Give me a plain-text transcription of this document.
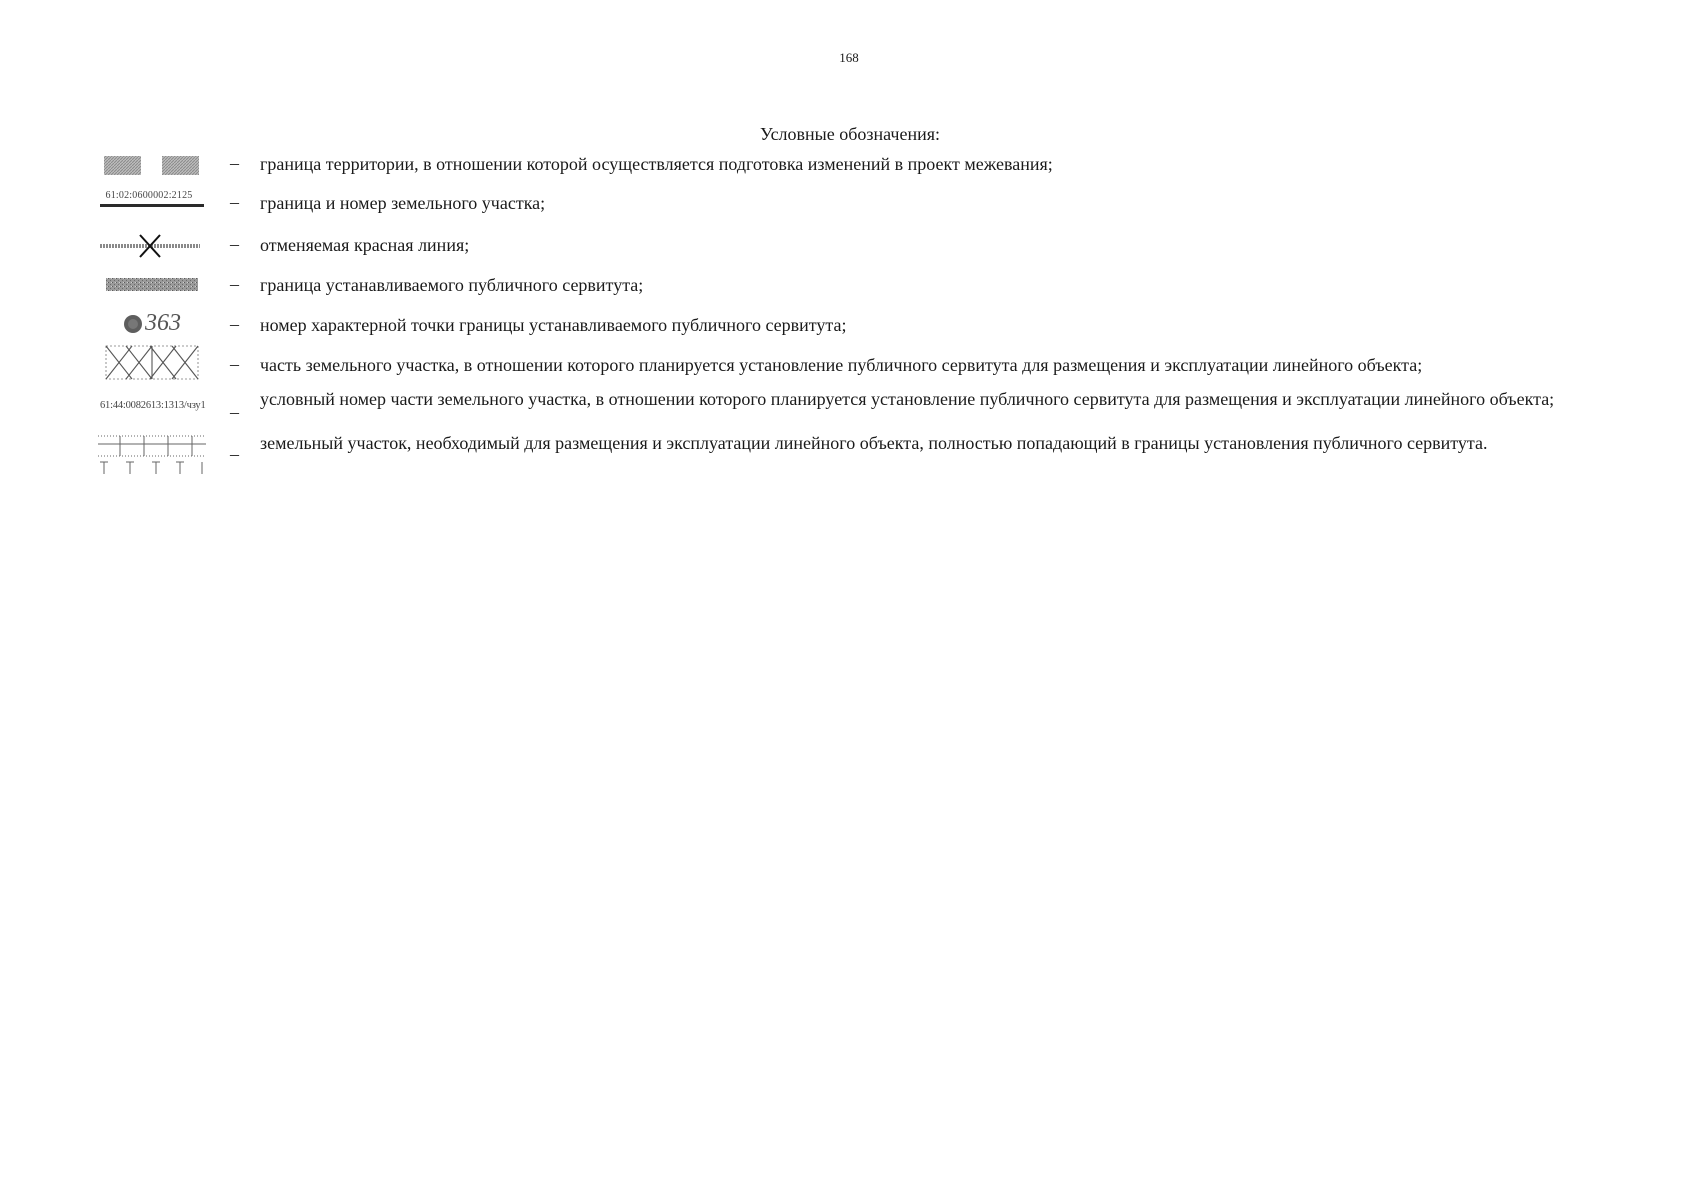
168
Условные обозначения:
– граница территории, в отношении которой осуществляется подготовка изменений в проект межевания;
61:02:0600002:2125	– граница и номер земельного участка;
– отменяемая красная линия;
– граница устанавливаемого публичного сервитута;
363	– номер характерной точки границы устанавливаемого публичного сервитута;
– часть земельного участка, в отношении которого планируется установление публичного сервитута для размещения и эксплуатации линейного объекта;
61:44:0082613:1313/чзу1 –
условный номер части земельного участка, в отношении которого планируется установление публичного сервитута для размещения и эксплуатации линейного объекта;
–
земельный участок, необходимый для размещения и эксплуатации линейного объекта, полностью попадающий в границы установления публичного сервитута.
